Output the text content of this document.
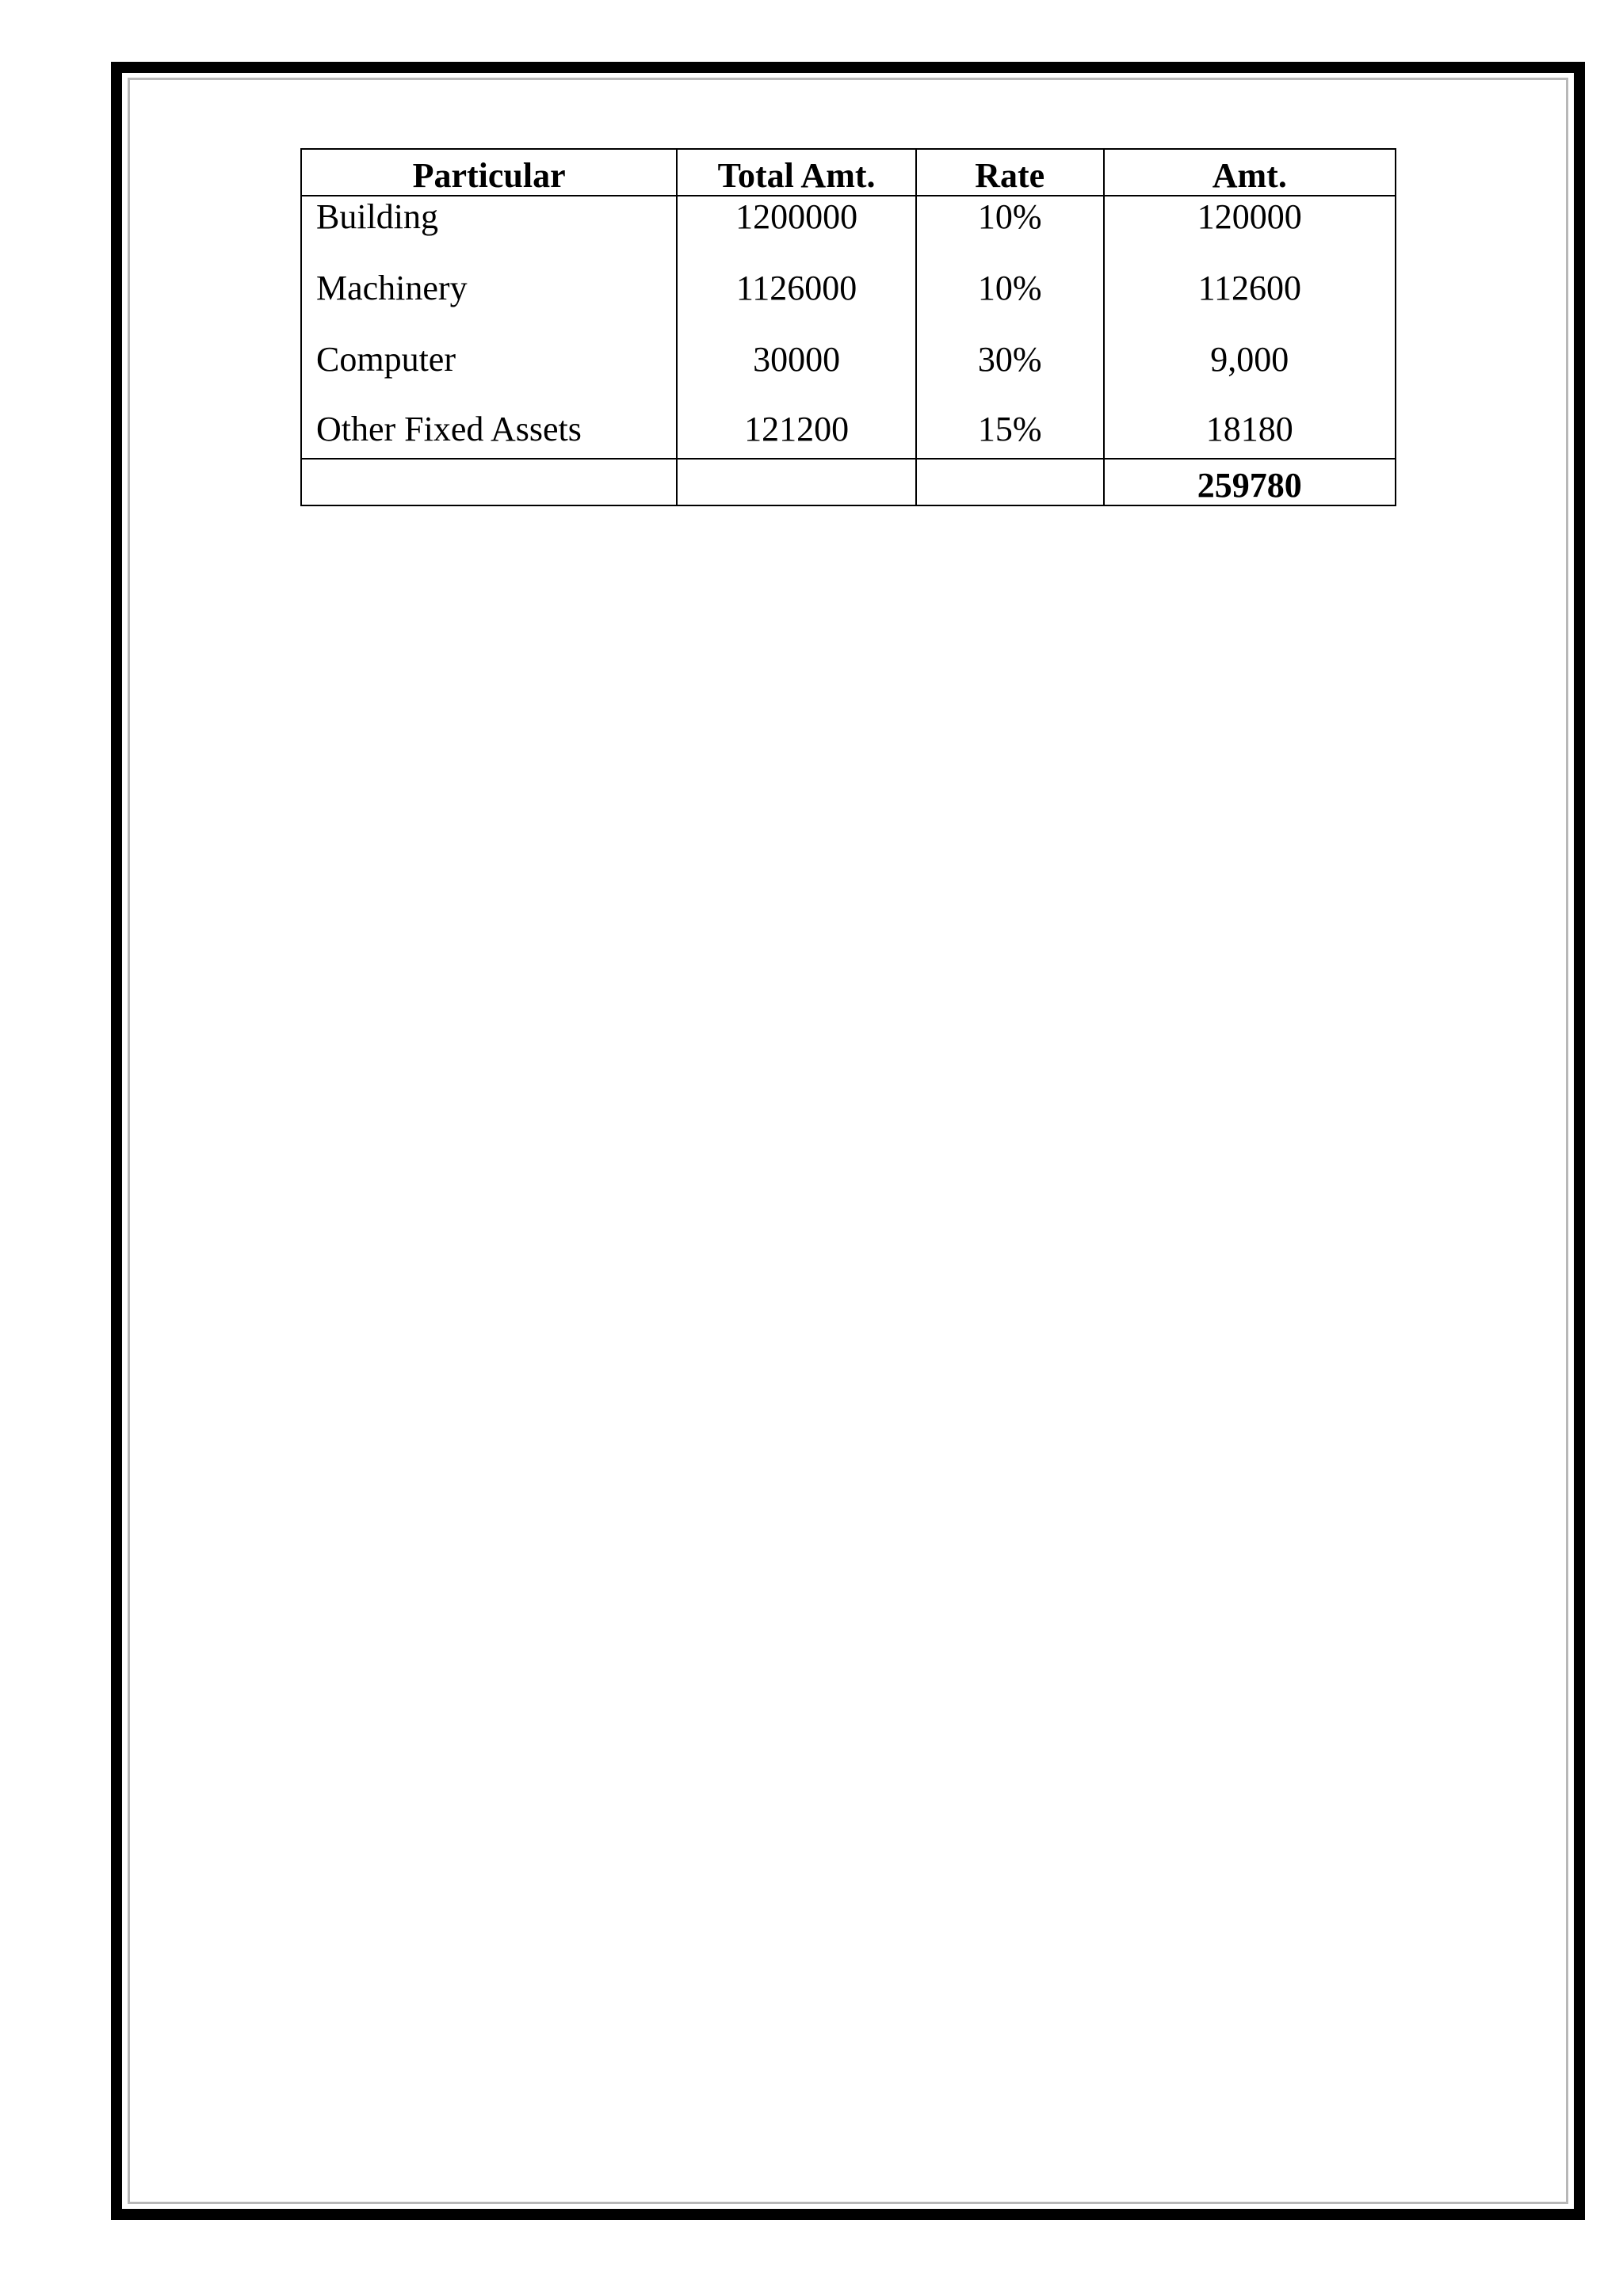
Particular	Total Amt.	Rate	Amt.
Building	1200000	10%	120000
Machinery	1126000	10%	112600
Computer	30000	30%	9,000
Other Fixed Assets	121200	15%	18180
			259780
